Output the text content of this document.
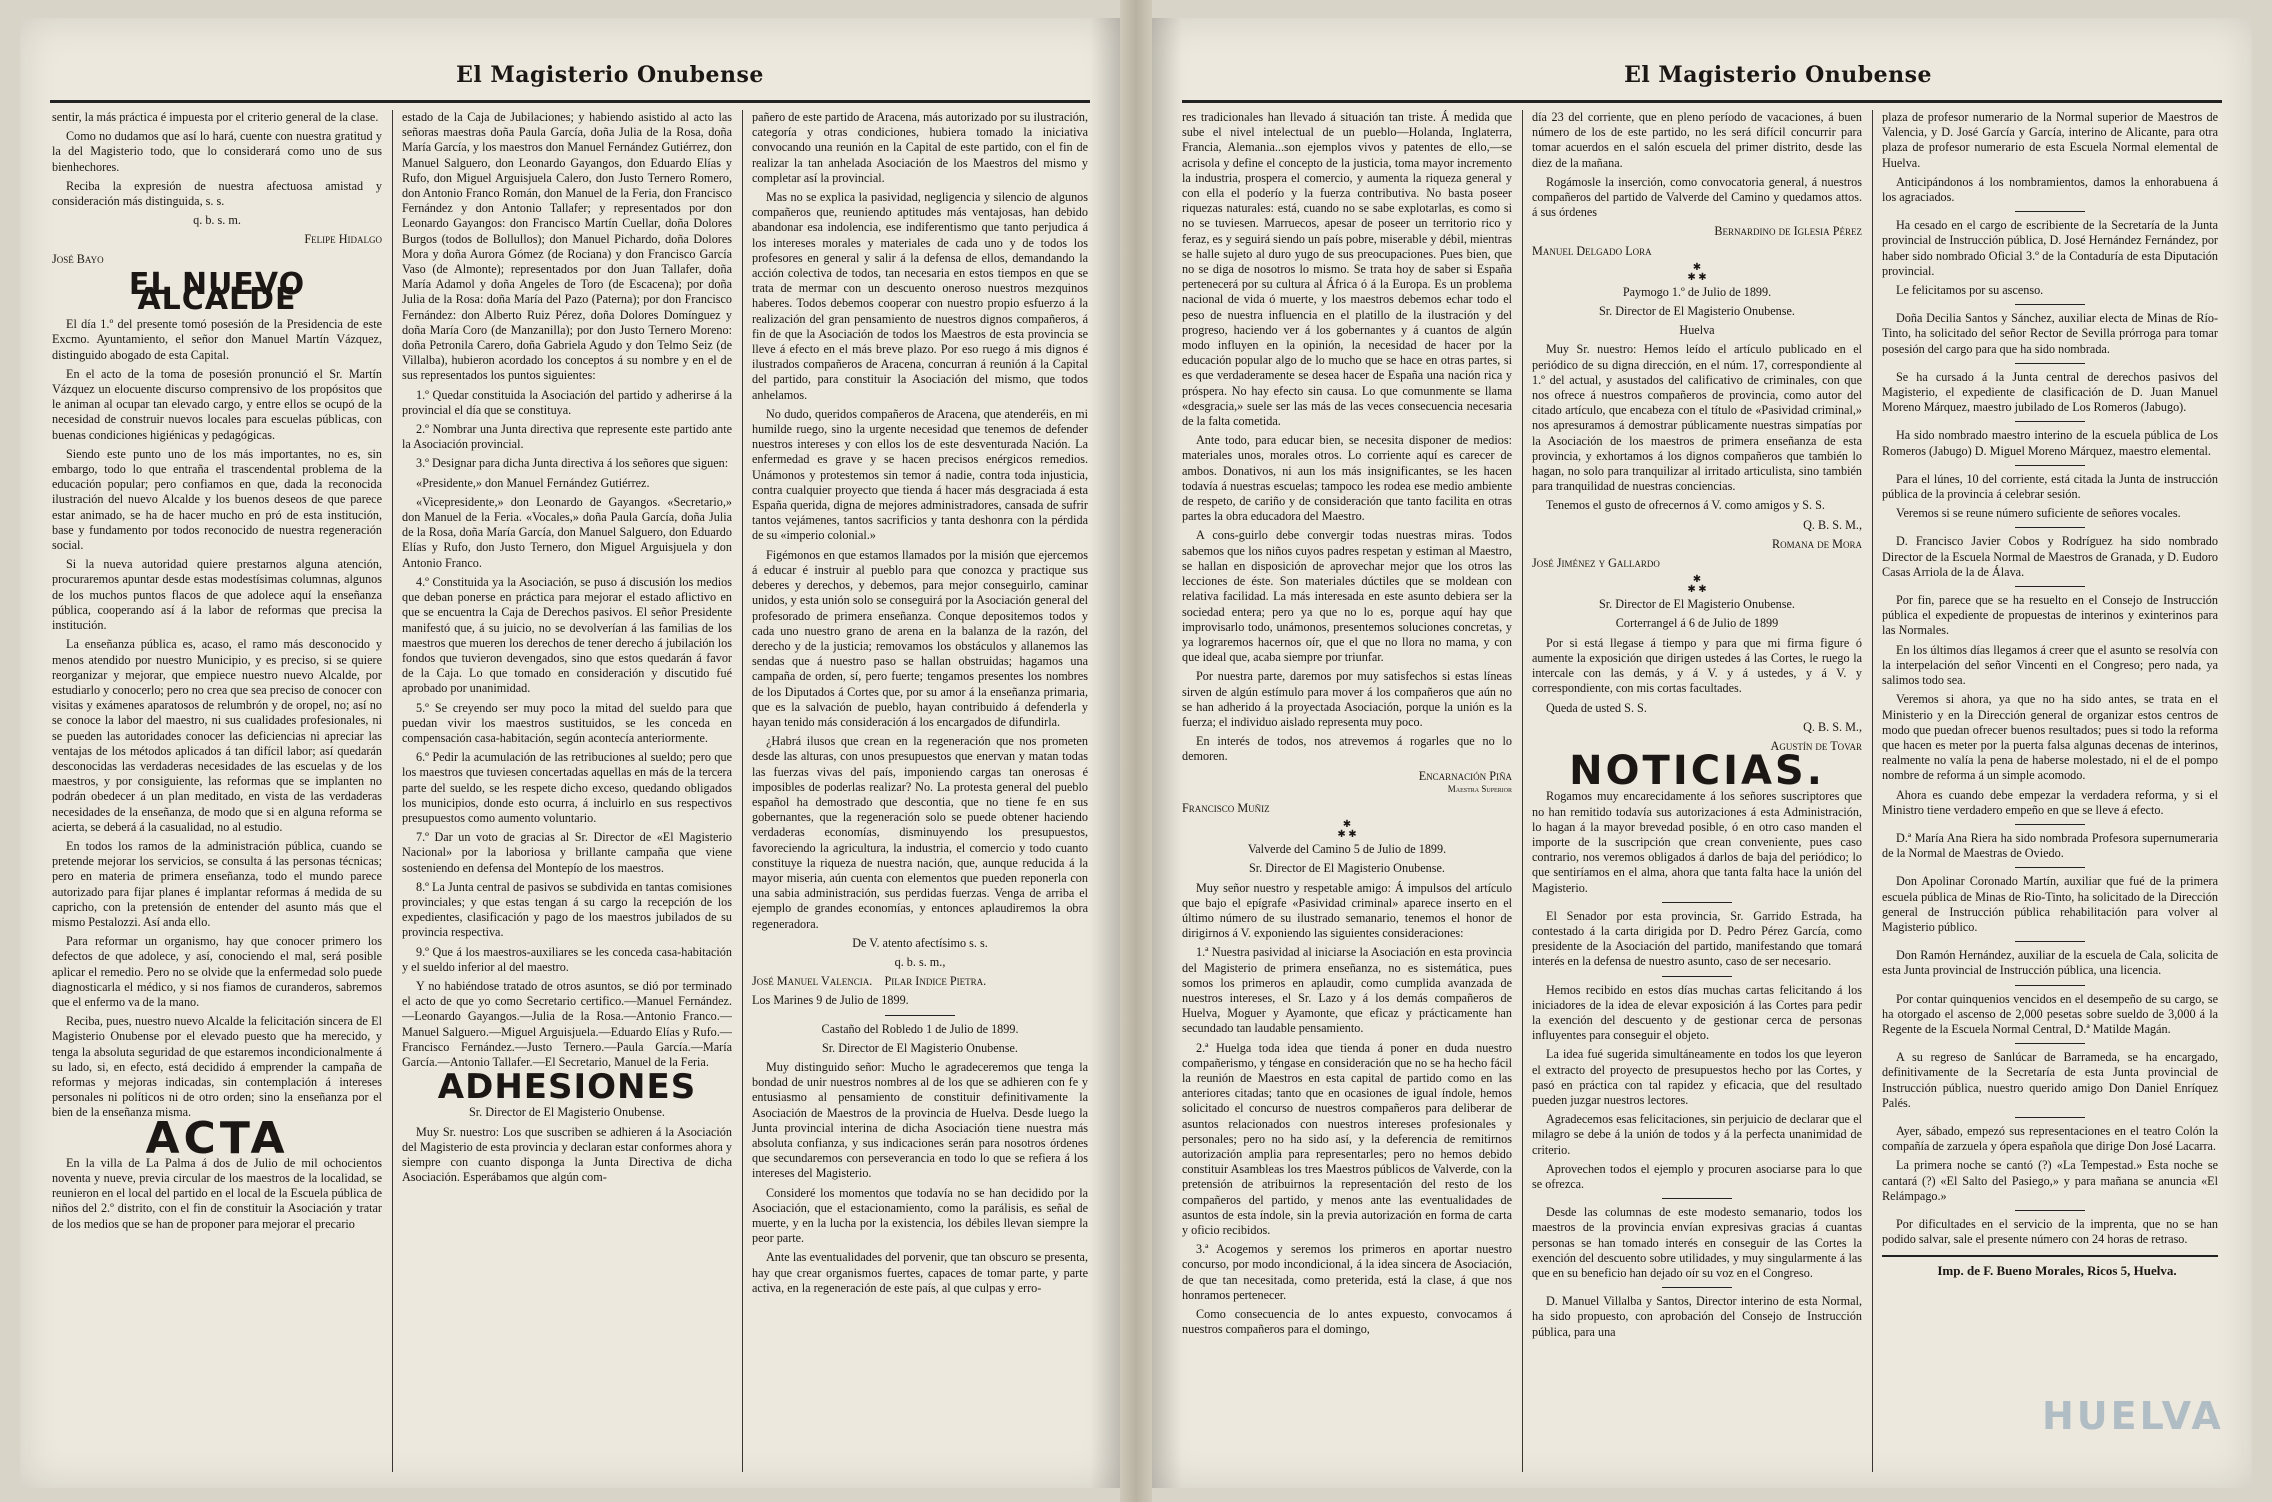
El Magisterio Onubense

sentir, la más práctica é impuesta por el criterio general de la clase.

Como no dudamos que así lo hará, cuente con nuestra gratitud y la del Magisterio todo, que lo considerará como uno de sus bienhechores.

Reciba la expresión de nuestra afectuosa amistad y consideración más distinguida, s. s.

q. b. s. m.

Felipe Hidalgo

José Bayo

EL NUEVO ALCALDE

El día 1.º del presente tomó posesión de la Presidencia de este Excmo. Ayuntamiento, el señor don Manuel Martín Vázquez, distinguido abogado de esta Capital.

En el acto de la toma de posesión pronunció el Sr. Martín Vázquez un elocuente discurso comprensivo de los propósitos que le animan al ocupar tan elevado cargo, y entre ellos se ocupó de la necesidad de construir nuevos locales para escuelas públicas, con buenas condiciones higiénicas y pedagógicas.

Siendo este punto uno de los más importantes, no es, sin embargo, todo lo que entraña el trascendental problema de la educación popular; pero confiamos en que, dada la reconocida ilustración del nuevo Alcalde y los buenos deseos de que parece estar animado, se ha de hacer mucho en pró de esta institución, base y fundamento por todos reconocido de nuestra regeneración social.

Si la nueva autoridad quiere prestarnos alguna atención, procuraremos apuntar desde estas modestísimas columnas, algunos de los muchos puntos flacos de que adolece aquí la enseñanza pública, cooperando así á la labor de reformas que precisa la institución.

La enseñanza pública es, acaso, el ramo más desconocido y menos atendido por nuestro Municipio, y es preciso, si se quiere reorganizar y mejorar, que empiece nuestro nuevo Alcalde, por estudiarlo y conocerlo; pero no crea que sea preciso de conocer con visitas y exámenes aparatosos de relumbrón y de oropel, no; así no se conoce la labor del maestro, ni sus cualidades profesionales, ni se pueden las autoridades conocer las deficiencias ni apreciar las ventajas de los métodos aplicados á tan difícil labor; así quedarán desconocidas las verdaderas necesidades de las escuelas y de los maestros, y por consiguiente, las reformas que se implanten no podrán obedecer á un plan meditado, en vista de las verdaderas necesidades de la enseñanza, de modo que si en alguna reforma se acierta, se deberá á la casualidad, no al estudio.

En todos los ramos de la administración pública, cuando se pretende mejorar los servicios, se consulta á las personas técnicas; pero en materia de primera enseñanza, todo el mundo parece autorizado para fijar planes é implantar reformas á medida de su capricho, con la pretensión de entender del asunto más que el mismo Pestalozzi. Así anda ello.

Para reformar un organismo, hay que conocer primero los defectos de que adolece, y así, conociendo el mal, será posible aplicar el remedio. Pero no se olvide que la enfermedad solo puede diagnosticarla el médico, y si nos fiamos de curanderos, sabremos que el enfermo va de la mano.

Reciba, pues, nuestro nuevo Alcalde la felicitación sincera de El Magisterio Onubense por el elevado puesto que ha merecido, y tenga la absoluta seguridad de que estaremos incondicionalmente á su lado, si, en efecto, está decidido á emprender la campaña de reformas y mejoras indicadas, sin contemplación á intereses personales ni políticos ni de otro orden; sino la enseñanza por el bien de la enseñanza misma.

ACTA

En la villa de La Palma á dos de Julio de mil ochocientos noventa y nueve, previa circular de los maestros de la localidad, se reunieron en el local del partido en el local de la Escuela pública de niños del 2.º distrito, con el fin de constituir la Asociación y tratar de los medios que se han de proponer para mejorar el precario

estado de la Caja de Jubilaciones; y habiendo asistido al acto las señoras maestras doña Paula García, doña Julia de la Rosa, doña María García, y los maestros don Manuel Fernández Gutiérrez, don Manuel Salguero, don Leonardo Gayangos, don Eduardo Elías y Rufo, don Miguel Arguisjuela Calero, don Justo Ternero Romero, don Antonio Franco Román, don Manuel de la Feria, don Francisco Fernández y don Antonio Tallafer; y representados por don Leonardo Gayangos: don Francisco Martín Cuellar, doña Dolores Burgos (todos de Bollullos); don Manuel Pichardo, doña Dolores Mora y doña Aurora Gómez (de Rociana) y don Francisco García Vaso (de Almonte); representados por don Juan Tallafer, doña María Adamol y doña Angeles de Toro (de Escacena); por doña Julia de la Rosa: doña María del Pazo (Paterna); por don Francisco Fernández: don Alberto Ruiz Pérez, doña Dolores Domínguez y doña María Coro (de Manzanilla); por don Justo Ternero Moreno: doña Petronila Carero, doña Gabriela Agudo y don Telmo Seiz (de Villalba), hubieron acordado los conceptos á su nombre y en el de sus representados los puntos siguientes:

1.º Quedar constituida la Asociación del partido y adherirse á la provincial el día que se constituya.

2.º Nombrar una Junta directiva que represente este partido ante la Asociación provincial.

3.º Designar para dicha Junta directiva á los señores que siguen:

«Presidente,» don Manuel Fernández Gutiérrez.

«Vicepresidente,» don Leonardo de Gayangos. «Secretario,» don Manuel de la Feria. «Vocales,» doña Paula García, doña Julia de la Rosa, doña María García, don Manuel Salguero, don Eduardo Elías y Rufo, don Justo Ternero, don Miguel Arguisjuela y don Antonio Franco.

4.º Constituida ya la Asociación, se puso á discusión los medios que deban ponerse en práctica para mejorar el estado aflictivo en que se encuentra la Caja de Derechos pasivos. El señor Presidente manifestó que, á su juicio, no se devolverían á las familias de los maestros que mueren los derechos de tener derecho á jubilación los fondos que tuvieron devengados, sino que estos quedarán á favor de la Caja. Lo que tomado en consideración y discutido fué aprobado por unanimidad.

5.º Se creyendo ser muy poco la mitad del sueldo para que puedan vivir los maestros sustituidos, se les conceda en compensación casa-habitación, según acontecía anteriormente.

6.º Pedir la acumulación de las retribuciones al sueldo; pero que los maestros que tuviesen concertadas aquellas en más de la tercera parte del sueldo, se les respete dicho exceso, quedando obligados los municipios, donde esto ocurra, á incluirlo en sus respectivos presupuestos como aumento voluntario.

7.º Dar un voto de gracias al Sr. Director de «El Magisterio Nacional» por la laboriosa y brillante campaña que viene sosteniendo en defensa del Montepío de los maestros.

8.º La Junta central de pasivos se subdivida en tantas comisiones provinciales; y que estas tengan á su cargo la recepción de los expedientes, clasificación y pago de los maestros jubilados de su provincia respectiva.

9.º Que á los maestros-auxiliares se les conceda casa-habitación y el sueldo inferior al del maestro.

Y no habiéndose tratado de otros asuntos, se dió por terminado el acto de que yo como Secretario certifico.—Manuel Fernández.—Leonardo Gayangos.—Julia de la Rosa.—Antonio Franco.—Manuel Salguero.—Miguel Arguisjuela.—Eduardo Elías y Rufo.—Francisco Fernández.—Justo Ternero.—Paula García.—María García.—Antonio Tallafer.—El Secretario, Manuel de la Feria.

ADHESIONES

Sr. Director de El Magisterio Onubense.

Muy Sr. nuestro: Los que suscriben se adhieren á la Asociación del Magisterio de esta provincia y declaran estar conformes ahora y siempre con cuanto disponga la Junta Directiva de dicha Asociación. Esperábamos que algún com-

pañero de este partido de Aracena, más autorizado por su ilustración, categoría y otras condiciones, hubiera tomado la iniciativa convocando una reunión en la Capital de este partido, con el fin de realizar la tan anhelada Asociación de los Maestros del mismo y completar así la provincial.

Mas no se explica la pasividad, negligencia y silencio de algunos compañeros que, reuniendo aptitudes más ventajosas, han debido abandonar esa indolencia, ese indiferentismo que tanto perjudica á los intereses morales y materiales de cada uno y de todos los profesores en general y salir á la defensa de ellos, demandando la acción colectiva de todos, tan necesaria en estos tiempos en que se trata de mermar con un descuento oneroso nuestros mezquinos haberes. Todos debemos cooperar con nuestro propio esfuerzo á la realización del gran pensamiento de nuestros dignos compañeros, á fin de que la Asociación de todos los Maestros de esta provincia se lleve á efecto en el más breve plazo. Por eso ruego á mis dignos é ilustrados compañeros de Aracena, concurran á reunión á la Capital del partido, para constituir la Asociación del mismo, que todos anhelamos.

No dudo, queridos compañeros de Aracena, que atenderéis, en mi humilde ruego, sino la urgente necesidad que tenemos de defender nuestros intereses y con ellos los de este desventurada Nación. La enfermedad es grave y se hacen precisos enérgicos remedios. Unámonos y protestemos sin temor á nadie, contra toda injusticia, contra cualquier proyecto que tienda á hacer más desgraciada á esta España querida, digna de mejores administradores, cansada de sufrir tantos vejámenes, tantos sacrificios y tanta deshonra con la pérdida de su «imperio colonial.»

Figémonos en que estamos llamados por la misión que ejercemos á educar é instruir al pueblo para que conozca y practique sus deberes y derechos, y debemos, para mejor conseguirlo, caminar unidos, y esta unión solo se conseguirá por la Asociación general del profesorado de primera enseñanza. Conque depositemos todos y cada uno nuestro grano de arena en la balanza de la razón, del derecho y de la justicia; removamos los obstáculos y allanemos las sendas que á nuestro paso se hallan obstruidas; hagamos una campaña de orden, sí, pero fuerte; tengamos presentes los nombres de los Diputados á Cortes que, por su amor á la enseñanza primaria, que es la salvación de pueblo, hayan contribuido á defenderla y hayan tenido más consideración á los encargados de difundirla.

¿Habrá ilusos que crean en la regeneración que nos prometen desde las alturas, con unos presupuestos que enervan y matan todas las fuerzas vivas del país, imponiendo cargas tan onerosas é imposibles de poderlas realizar? No. La protesta general del pueblo español ha demostrado que descontia, que no tiene fe en sus gobernantes, que la regeneración solo se puede obtener haciendo verdaderas economías, disminuyendo los presupuestos, favoreciendo la agricultura, la industria, el comercio y todo cuanto constituye la riqueza de nuestra nación, que, aunque reducida á la mayor miseria, aún cuenta con elementos que pueden reponerla con una sabia administración, sus perdidas fuerzas. Venga de arriba el ejemplo de grandes economías, y entonces aplaudiremos la obra regeneradora.

De V. atento afectísimo s. s.

q. b. s. m.,

José Manuel Valencia. Pilar Indice Pietra.

Los Marines 9 de Julio de 1899.

Castaño del Robledo 1 de Julio de 1899.

Sr. Director de El Magisterio Onubense.

Muy distinguido señor: Mucho le agradeceremos que tenga la bondad de unir nuestros nombres al de los que se adhieren con fe y entusiasmo al pensamiento de constituir definitivamente la Asociación de Maestros de la provincia de Huelva. Desde luego la Junta provincial interina de dicha Asociación tiene nuestra más absoluta confianza, y sus indicaciones serán para nosotros órdenes que secundaremos con perseverancia en todo lo que se refiera á los intereses del Magisterio.

Consideré los momentos que todavía no se han decidido por la Asociación, que el estacionamiento, como la parálisis, es señal de muerte, y en la lucha por la existencia, los débiles llevan siempre la peor parte.

Ante las eventualidades del porvenir, que tan obscuro se presenta, hay que crear organismos fuertes, capaces de tomar parte, y parte activa, en la regeneración de este país, al que culpas y erro-

El Magisterio Onubense

res tradicionales han llevado á situación tan triste. Á medida que sube el nivel intelectual de un pueblo—Holanda, Inglaterra, Francia, Alemania...son ejemplos vivos y patentes de ello,—se acrisola y define el concepto de la justicia, toma mayor incremento la industria, prospera el comercio, y aumenta la riqueza general y con ella el poderío y la fuerza contributiva. No basta poseer riquezas naturales: está, cuando no se sabe explotarlas, es como si no se tuviesen. Marruecos, apesar de poseer un territorio rico y feraz, es y seguirá siendo un país pobre, miserable y débil, mientras se halle sujeto al duro yugo de sus preocupaciones. Pues bien, que no se diga de nosotros lo mismo. Se trata hoy de saber si España pertenecerá por su cultura al África ó á la Europa. Es un problema nacional de vida ó muerte, y los maestros debemos echar todo el peso de nuestra influencia en el platillo de la ilustración y del progreso, haciendo ver á los gobernantes y á cuantos de algún modo influyen en la opinión, la necesidad de hacer por la educación popular algo de lo mucho que se hace en otras partes, si es que verdaderamente se desea hacer de España una nación rica y próspera. No hay efecto sin causa. Lo que comunmente se llama «desgracia,» suele ser las más de las veces consecuencia necesaria de la falta cometida.

Ante todo, para educar bien, se necesita disponer de medios: materiales unos, morales otros. Lo corriente aquí es carecer de ambos. Donativos, ni aun los más insignificantes, se les hacen todavía á nuestras escuelas; tampoco les rodea ese medio ambiente de respeto, de cariño y de consideración que tanto facilita en otras partes la obra educadora del Maestro.

A cons-guirlo debe convergir todas nuestras miras. Todos sabemos que los niños cuyos padres respetan y estiman al Maestro, se hallan en disposición de aprovechar mejor que los otros las lecciones de éste. Son materiales dúctiles que se moldean con relativa facilidad. La más interesada en este asunto debiera ser la sociedad entera; pero ya que no lo es, porque aquí hay que improvisarlo todo, unámonos, presentemos soluciones concretas, y ya lograremos hacernos oír, que el que no llora no mama, y con que ideal que, acaba siempre por triunfar.

Por nuestra parte, daremos por muy satisfechos si estas líneas sirven de algún estímulo para mover á los compañeros que aún no se han adherido á la proyectada Asociación, porque la unión es la fuerza; el individuo aislado representa muy poco.

En interés de todos, nos atrevemos á rogarles que no lo demoren.

Encarnación Piña

Maestra Superior

Francisco Muñiz

✱
✱ ✱

Valverde del Camino 5 de Julio de 1899.

Sr. Director de El Magisterio Onubense.

Muy señor nuestro y respetable amigo: Á impulsos del artículo que bajo el epígrafe «Pasividad criminal» aparece inserto en el último número de su ilustrado semanario, tenemos el honor de dirigirnos á V. exponiendo las siguientes consideraciones:

1.ª Nuestra pasividad al iniciarse la Asociación en esta provincia del Magisterio de primera enseñanza, no es sistemática, pues somos los primeros en aplaudir, como cumplida avanzada de nuestros intereses, el Sr. Lazo y á los demás compañeros de Huelva, Moguer y Ayamonte, que eficaz y prácticamente han secundado tan laudable pensamiento.

2.ª Huelga toda idea que tienda á poner en duda nuestro compañerismo, y téngase en consideración que no se ha hecho fácil la reunión de Maestros en esta capital de partido como en las anteriores citadas; tanto que en ocasiones de igual índole, hemos solicitado el concurso de nuestros compañeros para deliberar de asuntos relacionados con nuestros intereses profesionales y personales; pero no ha sido así, y la deferencia de remitirnos autorización amplia para representarles; pero no hemos debido constituir Asambleas los tres Maestros públicos de Valverde, con la pretensión de atribuirnos la representación del resto de los compañeros del partido, y menos ante las eventualidades de asuntos de esta índole, sin la previa autorización en forma de carta y oficio recibidos.

3.ª Acogemos y seremos los primeros en aportar nuestro concurso, por modo incondicional, á la idea sincera de Asociación, de que tan necesitada, como preterida, está la clase, á que nos honramos pertenecer.

Como consecuencia de lo antes expuesto, convocamos á nuestros compañeros para el domingo,

día 23 del corriente, que en pleno período de vacaciones, á buen número de los de este partido, no les será difícil concurrir para tomar acuerdos en el salón escuela del primer distrito, desde las diez de la mañana.

Rogámosle la inserción, como convocatoria general, á nuestros compañeros del partido de Valverde del Camino y quedamos attos. á sus órdenes

Bernardino de Iglesia Pérez

Manuel Delgado Lora

✱
✱ ✱

Paymogo 1.º de Julio de 1899.

Sr. Director de El Magisterio Onubense.

Huelva

Muy Sr. nuestro: Hemos leído el artículo publicado en el periódico de su digna dirección, en el núm. 17, correspondiente al 1.º del actual, y asustados del calificativo de criminales, con que nos ofrece á nuestros compañeros de provincia, como autor del citado artículo, que encabeza con el título de «Pasividad criminal,» nos apresuramos á demostrar públicamente nuestras simpatías por la Asociación de los maestros de primera enseñanza de esta provincia, y exhortamos á los dignos compañeros que también lo hagan, no solo para tranquilizar al irritado articulista, sino también para tranquilidad de nuestras conciencias.

Tenemos el gusto de ofrecernos á V. como amigos y S. S.

Q. B. S. M.,

Romana de Mora

José Jiménez y Gallardo

✱
✱ ✱

Sr. Director de El Magisterio Onubense.

Corterrangel á 6 de Julio de 1899

Por si está llegase á tiempo y para que mi firma figure ó aumente la exposición que dirigen ustedes á las Cortes, le ruego la intercale con las demás, y á V. y á ustedes, y á V. y correspondiente, con mis cortas facultades.

Queda de usted S. S.

Q. B. S. M.,

Agustín de Tovar

NOTICIAS.

Rogamos muy encarecidamente á los señores suscriptores que no han remitido todavía sus autorizaciones á esta Administración, lo hagan á la mayor brevedad posible, ó en otro caso manden el importe de la suscripción que crean conveniente, pues caso contrario, nos veremos obligados á darlos de baja del periódico; lo que sentiríamos en el alma, ahora que tanta falta hace la unión del Magisterio.

El Senador por esta provincia, Sr. Garrido Estrada, ha contestado á la carta dirigida por D. Pedro Pérez García, como presidente de la Asociación del partido, manifestando que tomará interés en la defensa de nuestro asunto, caso de ser necesario.

Hemos recibido en estos días muchas cartas felicitando á los iniciadores de la idea de elevar exposición á las Cortes para pedir la exención del descuento y de gestionar cerca de personas influyentes para conseguir el objeto.

La idea fué sugerida simultáneamente en todos los que leyeron el extracto del proyecto de presupuestos hecho por las Cortes, y pasó en práctica con tal rapidez y eficacia, que del resultado pueden juzgar nuestros lectores.

Agradecemos esas felicitaciones, sin perjuicio de declarar que el milagro se debe á la unión de todos y á la perfecta unanimidad de criterio.

Aprovechen todos el ejemplo y procuren asociarse para lo que se ofrezca.

Desde las columnas de este modesto semanario, todos los maestros de la provincia envían expresivas gracias á cuantas personas se han tomado interés en conseguir de las Cortes la exención del descuento sobre utilidades, y muy singularmente á las que en su beneficio han dejado oír su voz en el Congreso.

D. Manuel Villalba y Santos, Director interino de esta Normal, ha sido propuesto, con aprobación del Consejo de Instrucción pública, para una

plaza de profesor numerario de la Normal superior de Maestros de Valencia, y D. José García y García, interino de Alicante, para otra plaza de profesor numerario de esta Escuela Normal elemental de Huelva.

Anticipándonos á los nombramientos, damos la enhorabuena á los agraciados.

Ha cesado en el cargo de escribiente de la Secretaría de la Junta provincial de Instrucción pública, D. José Hernández Fernández, por haber sido nombrado Oficial 3.º de la Contaduría de esta Diputación provincial.

Le felicitamos por su ascenso.

Doña Decilia Santos y Sánchez, auxiliar electa de Minas de Río-Tinto, ha solicitado del señor Rector de Sevilla prórroga para tomar posesión del cargo para que ha sido nombrada.

Se ha cursado á la Junta central de derechos pasivos del Magisterio, el expediente de clasificación de D. Juan Manuel Moreno Márquez, maestro jubilado de Los Romeros (Jabugo).

Ha sido nombrado maestro interino de la escuela pública de Los Romeros (Jabugo) D. Miguel Moreno Márquez, maestro elemental.

Para el lúnes, 10 del corriente, está citada la Junta de instrucción pública de la provincia á celebrar sesión.

Veremos si se reune número suficiente de señores vocales.

D. Francisco Javier Cobos y Rodríguez ha sido nombrado Director de la Escuela Normal de Maestros de Granada, y D. Eudoro Casas Arriola de la de Álava.

Por fin, parece que se ha resuelto en el Consejo de Instrucción pública el expediente de propuestas de interinos y exinterinos para las Normales.

En los últimos días llegamos á creer que el asunto se resolvía con la interpelación del señor Vincenti en el Congreso; pero nada, ya salimos todo sea.

Veremos si ahora, ya que no ha sido antes, se trata en el Ministerio y en la Dirección general de organizar estos centros de modo que puedan ofrecer buenos resultados; pues si todo la reforma que hacen es meter por la puerta falsa algunas decenas de interinos, realmente no valía la pena de haberse molestado, ni el de el pompo nombre de reforma á un simple acomodo.

Ahora es cuando debe empezar la verdadera reforma, y si el Ministro tiene verdadero empeño en que se lleve á efecto.

D.ª María Ana Riera ha sido nombrada Profesora supernumeraria de la Normal de Maestras de Oviedo.

Don Apolinar Coronado Martín, auxiliar que fué de la primera escuela pública de Minas de Rio-Tinto, ha solicitado de la Dirección general de Instrucción pública rehabilitación para volver al Magisterio público.

Don Ramón Hernández, auxiliar de la escuela de Cala, solicita de esta Junta provincial de Instrucción pública, una licencia.

Por contar quinquenios vencidos en el desempeño de su cargo, se ha otorgado el ascenso de 2,000 pesetas sobre sueldo de 3,000 á la Regente de la Escuela Normal Central, D.ª Matilde Magán.

A su regreso de Sanlúcar de Barrameda, se ha encargado, definitivamente de la Secretaría de esta Junta provincial de Instrucción pública, nuestro querido amigo Don Daniel Enríquez Palés.

Ayer, sábado, empezó sus representaciones en el teatro Colón la compañía de zarzuela y ópera española que dirige Don José Lacarra.

La primera noche se cantó (?) «La Tempestad.» Esta noche se cantará (?) «El Salto del Pasiego,» y para mañana se anuncia «El Relámpago.»

Por dificultades en el servicio de la imprenta, que no se han podido salvar, sale el presente número con 24 horas de retraso.

Imp. de F. Bueno Morales, Ricos 5, Huelva.

HUELVA
